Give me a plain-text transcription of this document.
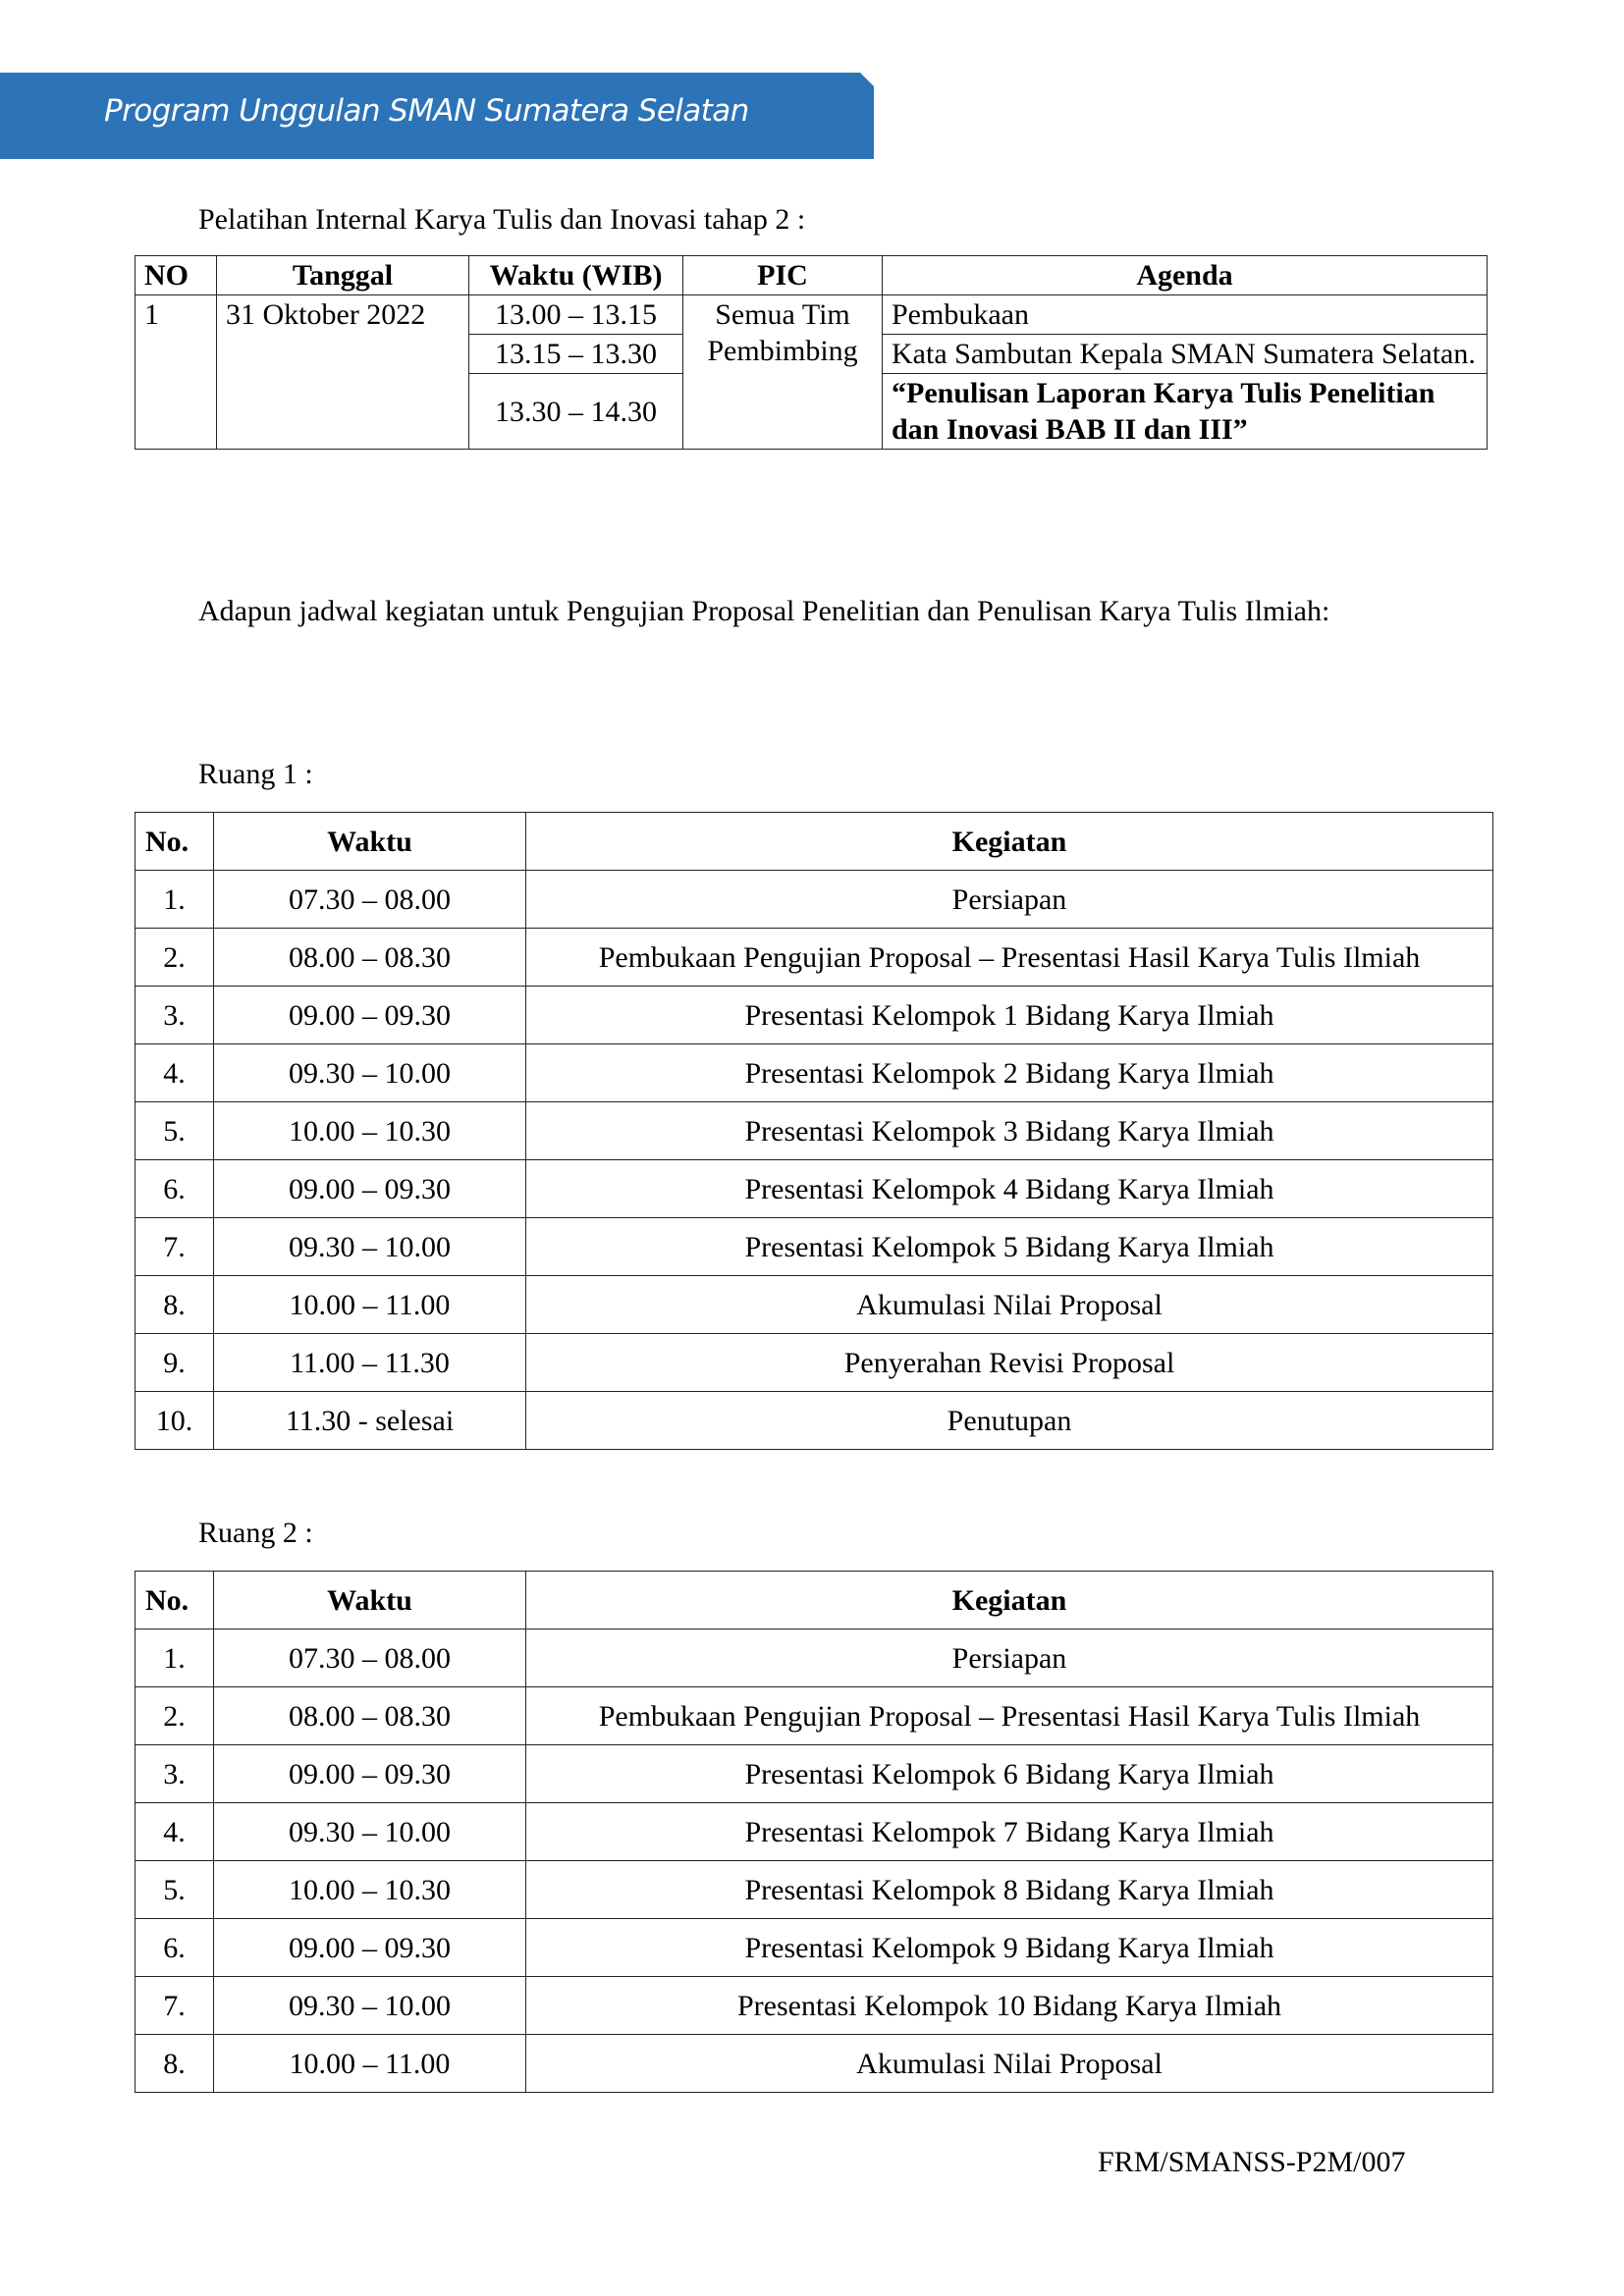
Program Unggulan SMAN Sumatera Selatan
Pelatihan Internal Karya Tulis dan Inovasi tahap 2 :
NO	Tanggal	Waktu (WIB)	PIC	Agenda
1	31 Oktober 2022	13.00 – 13.15	Semua Tim Pembimbing	Pembukaan
		13.15 – 13.30		Kata Sambutan Kepala SMAN Sumatera Selatan.
		13.30 – 14.30		“Penulisan Laporan Karya Tulis Penelitian dan Inovasi BAB II dan III”
Adapun jadwal kegiatan untuk Pengujian Proposal Penelitian dan Penulisan Karya Tulis Ilmiah:
Ruang 1 :
No.	Waktu	Kegiatan
1.	07.30 – 08.00	Persiapan
2.	08.00 – 08.30	Pembukaan Pengujian Proposal – Presentasi Hasil Karya Tulis Ilmiah
3.	09.00 – 09.30	Presentasi Kelompok 1 Bidang Karya Ilmiah
4.	09.30 – 10.00	Presentasi Kelompok 2 Bidang Karya Ilmiah
5.	10.00 – 10.30	Presentasi Kelompok 3 Bidang Karya Ilmiah
6.	09.00 – 09.30	Presentasi Kelompok 4 Bidang Karya Ilmiah
7.	09.30 – 10.00	Presentasi Kelompok 5 Bidang Karya Ilmiah
8.	10.00 – 11.00	Akumulasi Nilai Proposal
9.	11.00 – 11.30	Penyerahan Revisi Proposal
10.	11.30 - selesai	Penutupan
Ruang 2 :
No.	Waktu	Kegiatan
1.	07.30 – 08.00	Persiapan
2.	08.00 – 08.30	Pembukaan Pengujian Proposal – Presentasi Hasil Karya Tulis Ilmiah
3.	09.00 – 09.30	Presentasi Kelompok 6 Bidang Karya Ilmiah
4.	09.30 – 10.00	Presentasi Kelompok 7 Bidang Karya Ilmiah
5.	10.00 – 10.30	Presentasi Kelompok 8 Bidang Karya Ilmiah
6.	09.00 – 09.30	Presentasi Kelompok 9 Bidang Karya Ilmiah
7.	09.30 – 10.00	Presentasi Kelompok 10 Bidang Karya Ilmiah
8.	10.00 – 11.00	Akumulasi Nilai Proposal
FRM/SMANSS-P2M/007
